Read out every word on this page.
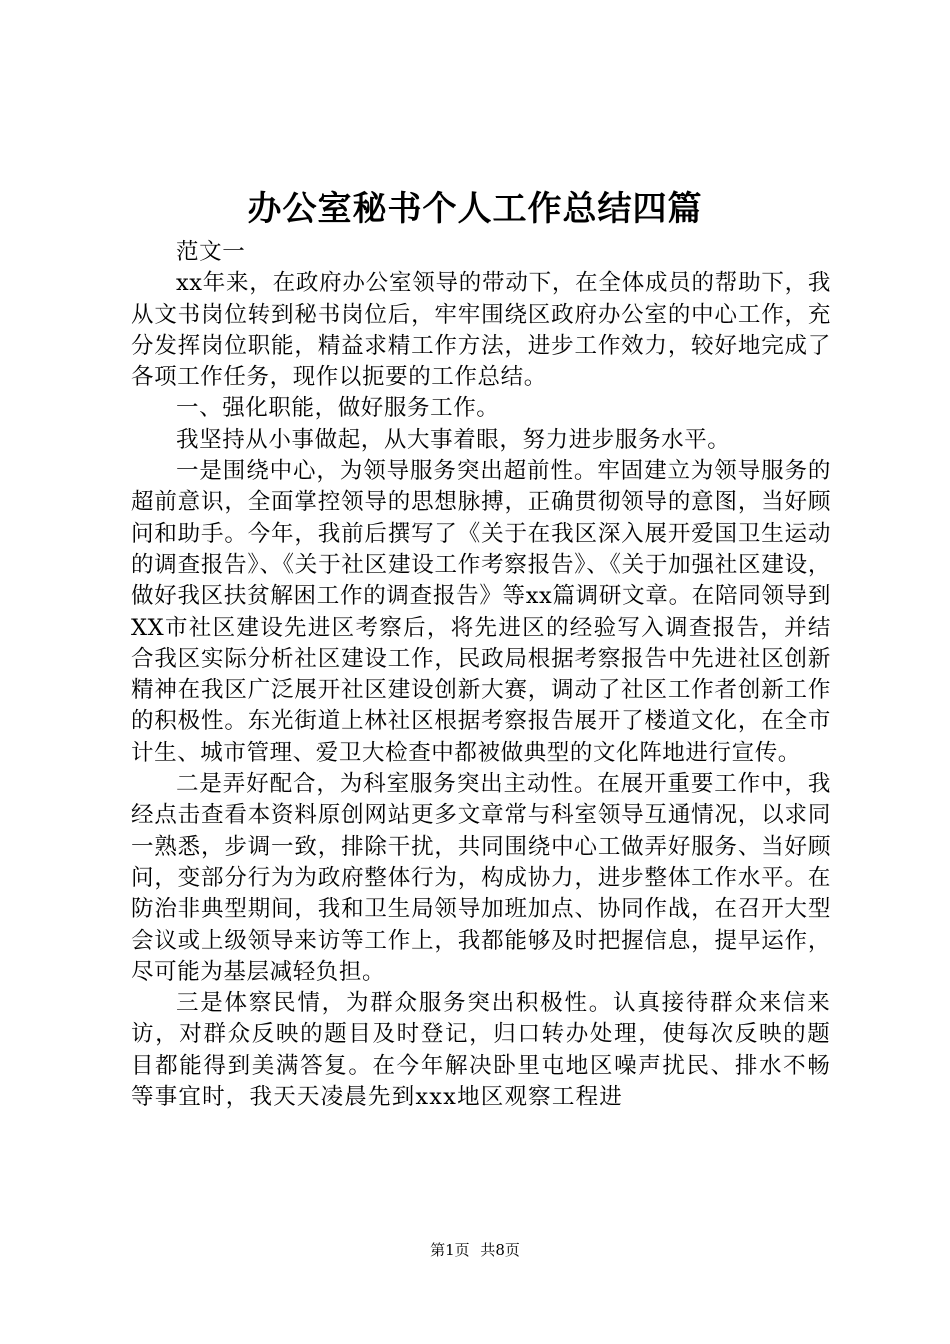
办公室秘书个人工作总结四篇

范文一

xx年来，在政府办公室领导的带动下，在全体成员的帮助下，我从文书岗位转到秘书岗位后，牢牢围绕区政府办公室的中心工作，充分发挥岗位职能，精益求精工作方法，进步工作效力，较好地完成了各项工作任务，现作以扼要的工作总结。

一、强化职能，做好服务工作。

我坚持从小事做起，从大事着眼，努力进步服务水平。

一是围绕中心，为领导服务突出超前性。牢固建立为领导服务的超前意识，全面掌控领导的思想脉搏，正确贯彻领导的意图，当好顾问和助手。今年，我前后撰写了《关于在我区深入展开爱国卫生运动的调查报告》、《关于社区建设工作考察报告》、《关于加强社区建设，做好我区扶贫解困工作的调查报告》等xx篇调研文章。在陪同领导到XX市社区建设先进区考察后，将先进区的经验写入调查报告，并结合我区实际分析社区建设工作，民政局根据考察报告中先进社区创新精神在我区广泛展开社区建设创新大赛，调动了社区工作者创新工作的积极性。东光街道上林社区根据考察报告展开了楼道文化，在全市计生、城市管理、爱卫大检查中都被做典型的文化阵地进行宣传。

二是弄好配合，为科室服务突出主动性。在展开重要工作中，我经点击查看本资料原创网站更多文章常与科室领导互通情况，以求同一熟悉，步调一致，排除干扰，共同围绕中心工做弄好服务、当好顾问，变部分行为为政府整体行为，构成协力，进步整体工作水平。在防治非典型期间，我和卫生局领导加班加点、协同作战，在召开大型会议或上级领导来访等工作上，我都能够及时把握信息，提早运作，尽可能为基层减轻负担。

三是体察民情，为群众服务突出积极性。认真接待群众来信来访，对群众反映的题目及时登记，归口转办处理，使每次反映的题目都能得到美满答复。在今年解决卧里屯地区噪声扰民、排水不畅等事宜时，我天天凌晨先到xxx地区观察工程进

第1页 共8页
